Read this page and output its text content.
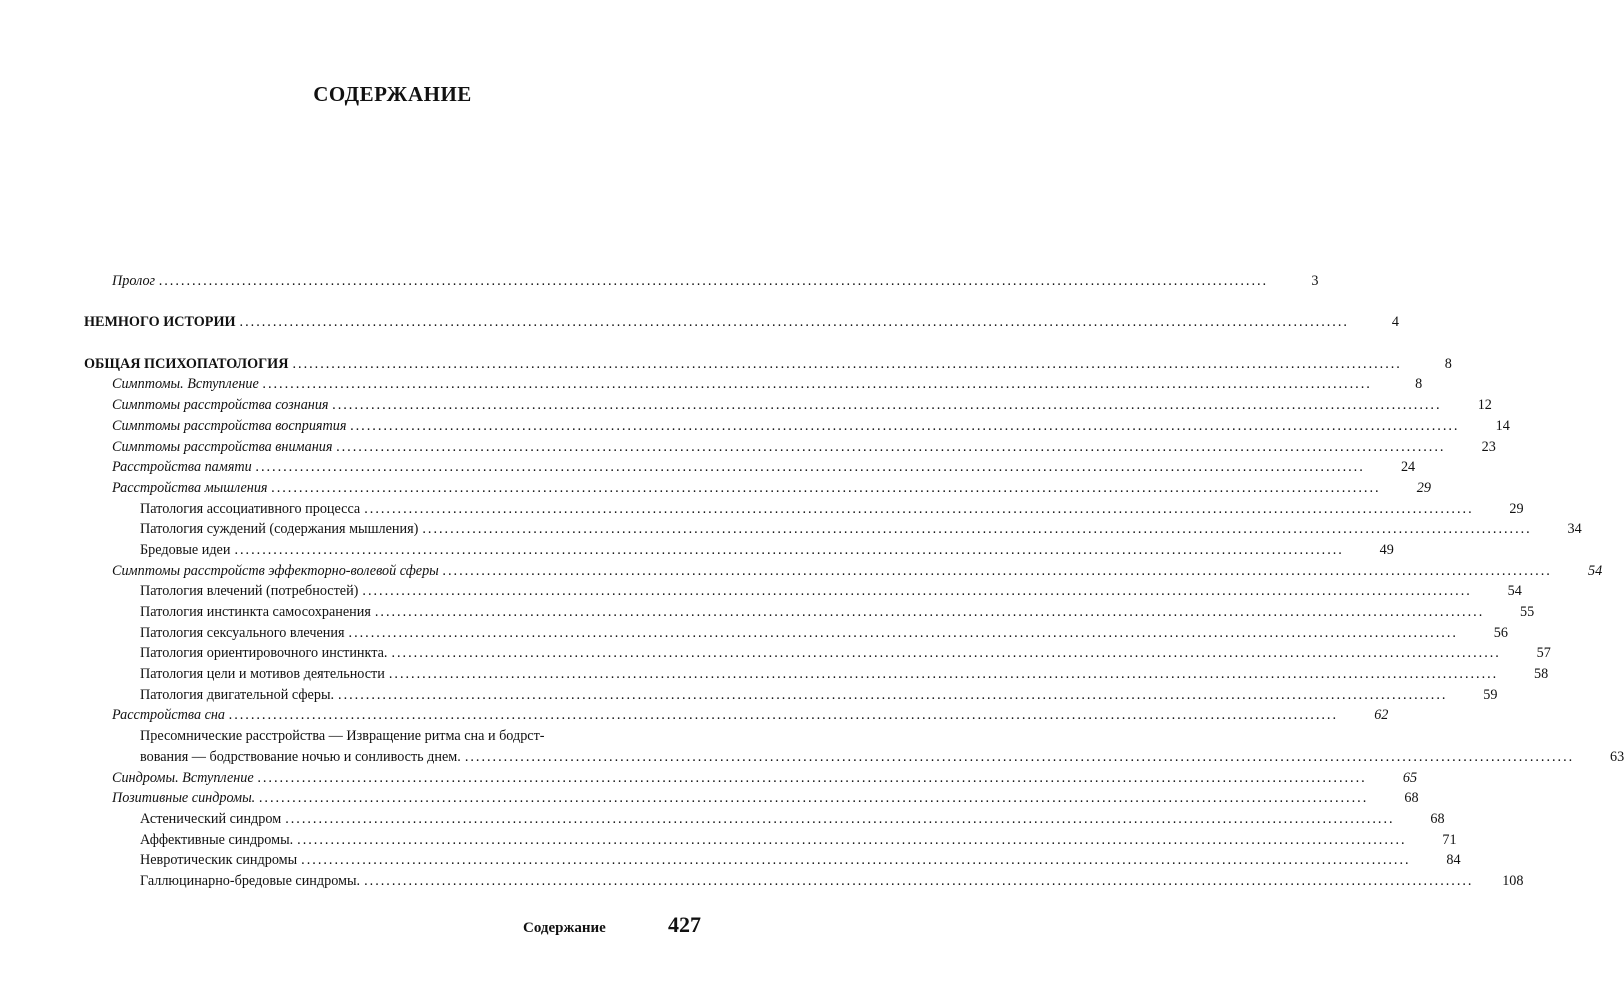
СОДЕРЖАНИЕ
Пролог ........................................................................................................................................................................................................	3
НЕМНОГО ИСТОРИИ ........................................................................................................................................................................................................	4
ОБЩАЯ ПСИХОПАТОЛОГИЯ ........................................................................................................................................................................................................	8
Симптомы. Вступление ........................................................................................................................................................................................................	8
Симптомы расстройства сознания ........................................................................................................................................................................................................	12
Симптомы расстройства восприятия ........................................................................................................................................................................................................	14
Симптомы расстройства внимания ........................................................................................................................................................................................................	23
Расстройства памяти ........................................................................................................................................................................................................	24
Расстройства мышления ........................................................................................................................................................................................................	29
Патология ассоциативного процесса ........................................................................................................................................................................................................	29
Патология суждений (содержания мышления) ........................................................................................................................................................................................................	34
Бредовые идеи ........................................................................................................................................................................................................	49
Симптомы расстройств эффекторно-волевой сферы ........................................................................................................................................................................................................	54
Патология влечений (потребностей) ........................................................................................................................................................................................................	54
Патология инстинкта самосохранения ........................................................................................................................................................................................................	55
Патология сексуального влечения ........................................................................................................................................................................................................	56
Патология ориентировочного инстинкта. ........................................................................................................................................................................................................	57
Патология цели и мотивов деятельности ........................................................................................................................................................................................................	58
Патология двигательной сферы. ........................................................................................................................................................................................................	59
Расстройства сна ........................................................................................................................................................................................................	62
Пресомнические расстройства — Извращение ритма сна и бодрст-
вования — бодрствование ночью и сонливость днем. ........................................................................................................................................................................................................	63
Синдромы. Вступление ........................................................................................................................................................................................................	65
Позитивные синдромы. ........................................................................................................................................................................................................	68
Астенический синдром ........................................................................................................................................................................................................	68
Аффективные синдромы. ........................................................................................................................................................................................................	71
Невротическик синдромы ........................................................................................................................................................................................................	84
Галлюцинарно-бредовые синдромы. ........................................................................................................................................................................................................	108
Содержание	427
